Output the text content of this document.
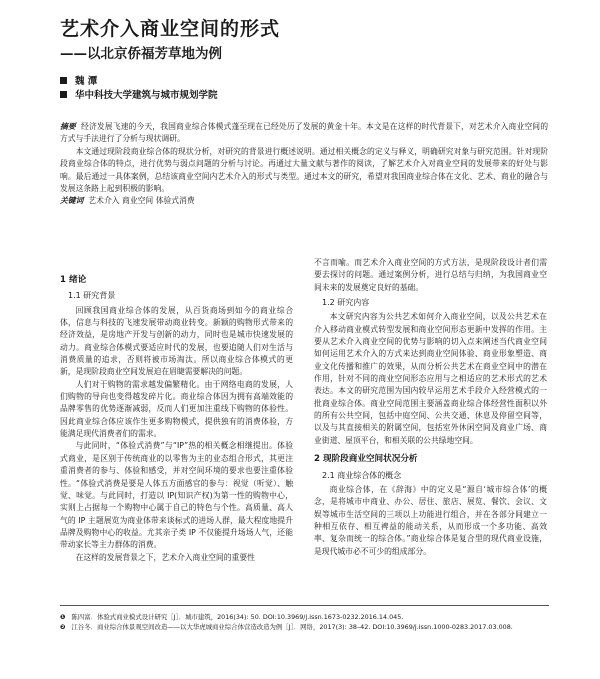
艺术介入商业空间的形式
——以北京侨福芳草地为例
魏 潭
华中科技大学建筑与城市规划学院

摘要 经济发展飞速的今天，我国商业综合体模式蓬至现在已经处历了发展的黄金十年。本文是在这样的时代背景下，对艺术介入商业空间的方式与手法进行了分析与现状调研。

本文通过现阶段商业综合体的现状分析，对研究的背景进行概述说明。通过相关概念的定义与释义，明确研究对象与研究范围。针对现阶段商业综合体的特点，进行优势与弱点问题的分析与讨论。再通过大量文献与著作的阅读，了解艺术介入对商业空间的发展带来的好处与影响。最后通过一具体案例，总结该商业空间内艺术介入的形式与类型。通过本文的研究，希望对我国商业综合体在文化、艺术、商业的融合与发展这条路上起到积极的影响。

关键词 艺术介入 商业空间 体验式消费

1 绪论
1.1 研究背景

回顾我国商业综合体的发展，从百货商场到如今的商业综合体，信息与科技的飞速发展带动商业转变。新颖的购物形式带来的经济效益，是房地产开发与创新的动力，同时也是城市快速发展的动力。商业综合体模式要适应时代的发展，也要追随人们对生活与消费质量的追求，否则将被市场淘汰。所以商业综合体模式的更新，是现阶段商业空间发展迫在眉睫需要解决的问题。

人们对于购物的需求越发偏繁精化。由于网络电商的发展，人们购物的导向也变得越发碎片化。商业综合体因为拥有高端效能的品牌零售的优势逐渐减弱，反而人们更加注重线下购物的体验性。因此商业综合体应该作生更多购物模式，提供独有的消费体验，方能满足现代消费者们的需求。

与此同时，“体验式消费”与“IP”热的相关概念相继提出。体验式商业，是区别于传统商业的以零售为主的业态组合形式，其更注重消费者的参与、体验和感受，并对空间环境的要求也要注重体验性。“体验式消费是要是人体五方面感官的参与：视觉（听觉）、触觉、味觉。与此同时，打造以 IP(知识产权)为第一性的购物中心，实则上占据每一个购物中心属于自己的特色与个性。高质量、高人气的 IP 主题展览为商业体带来谈标式的进场人群，最大程度地提升品牌及购物中心的收益。尤其亲子类 IP 不仅能提升场场人气，还能带动家长等主力群体的消费。

在这样的发展背景之下，艺术介入商业空间的重要性

不言而喻。而艺术介入商业空间的方式方法，是现阶段设计者们需要去探讨的问题。通过案例分析，进行总结与归纳，为我国商业空间未来的发展奠定良好的基础。

1.2 研究内容

本文研究内容为公共艺术如何介入商业空间，以及公共艺术在介入移动商业模式转型发展和商业空间形态更新中发挥的作用。主要从艺术介入商业空间的优势与影响的切入点来阐述当代商业空间如何运用艺术介入的方式来达到商业空间体验、商业形象塑造、商业文化传播和推广的效果，从而分析公共艺术在商业空间中的潜在作用，针对不同的商业空间形态应用与之相适应的艺术形式的艺术表达。本文的研究范围为国内较早运用艺术手段介入经营模式的一批商业综合体。商业空间范围主要涵盖商业综合体经营性面积以外的所有公共空间，包括中庭空间、公共交通、休息及停留空间等，以及与其直接相关的附属空间，包括室外休闲空间及商业广场、商业街道、屋顶平台，和相关联的公共绿地空间。

2 现阶段商业空间状况分析
2.1 商业综合体的概念

商业综合体，在《辞海》中的定义是“源自‘城市综合体’的概念，是将城市中商业、办公、居住、旅店、展览、餐饮、会议、文娱等城市生活空间的三项以上功能进行组合，并在各部分间建立一种相互依存、相互裨益的能动关系，从而形成一个多功能、高效率、复杂而统一的综合体。”商业综合体是复合型的现代商业设施，是现代城市必不可少的组成部分。

❶ 陈四富．体验式商业模式设计研究［J］．城市建筑，2016(34): 50. DOI:10.3969/j.issn.1673-0232.2016.14.045.
❷ 江谷冬．商业综合体景观空间改造——以大华虎城商业综合体营造改造为例［J］．网络，2017(3): 38–42. DOI:10.3969/j.issn.1000-0283.2017.03.008.
